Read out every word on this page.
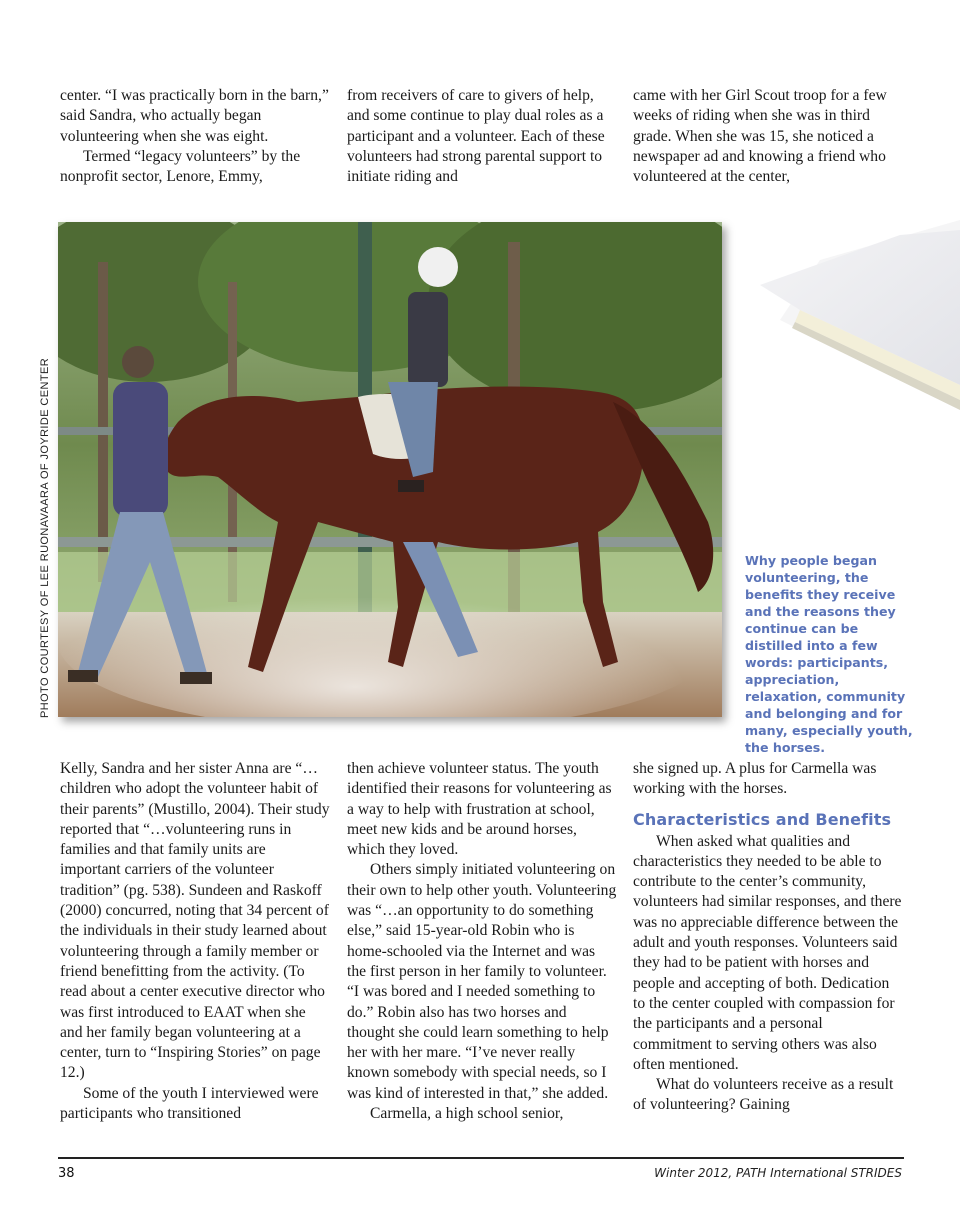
center. “I was practically born in the barn,” said Sandra, who actually began volunteering when she was eight.

Termed “legacy volunteers” by the nonprofit sector, Lenore, Emmy,

from receivers of care to givers of help, and some continue to play dual roles as a participant and a volunteer. Each of these volunteers had strong parental support to initiate riding and

came with her Girl Scout troop for a few weeks of riding when she was in third grade. When she was 15, she noticed a newspaper ad and knowing a friend who volunteered at the center,

PHOTO COURTESY OF LEE RUONAVAARA OF JOYRIDE CENTER	Why people began volunteering, the benefits they receive and the reasons they continue can be distilled into a few words: participants, appreciation, relaxation, community and belonging and for many, especially youth, the horses.

Kelly, Sandra and her sister Anna are “…children who adopt the volunteer habit of their parents” (Mustillo, 2004). Their study reported that “…volunteering runs in families and that family units are important carriers of the volunteer tradition” (pg. 538). Sundeen and Raskoff (2000) concurred, noting that 34 percent of the individuals in their study learned about volunteering through a family member or friend benefitting from the activity. (To read about a center executive director who was first introduced to EAAT when she and her family began volunteering at a center, turn to “Inspiring Stories” on page 12.)

Some of the youth I interviewed were participants who transitioned

then achieve volunteer status. The youth identified their reasons for volunteering as a way to help with frustration at school, meet new kids and be around horses, which they loved.

Others simply initiated volunteering on their own to help other youth. Volunteering was “…an opportunity to do something else,” said 15-year-old Robin who is home-schooled via the Internet and was the first person in her family to volunteer. “I was bored and I needed something to do.” Robin also has two horses and thought she could learn something to help her with her mare. “I’ve never really known somebody with special needs, so I was kind of interested in that,” she added.

Carmella, a high school senior,

she signed up. A plus for Carmella was working with the horses.

Characteristics and Benefits

When asked what qualities and characteristics they needed to be able to contribute to the center’s community, volunteers had similar responses, and there was no appreciable difference between the adult and youth responses. Volunteers said they had to be patient with horses and people and accepting of both. Dedication to the center coupled with compassion for the participants and a personal commitment to serving others was also often mentioned.

What do volunteers receive as a result of volunteering? Gaining

38	Winter 2012, PATH International STRIDES
